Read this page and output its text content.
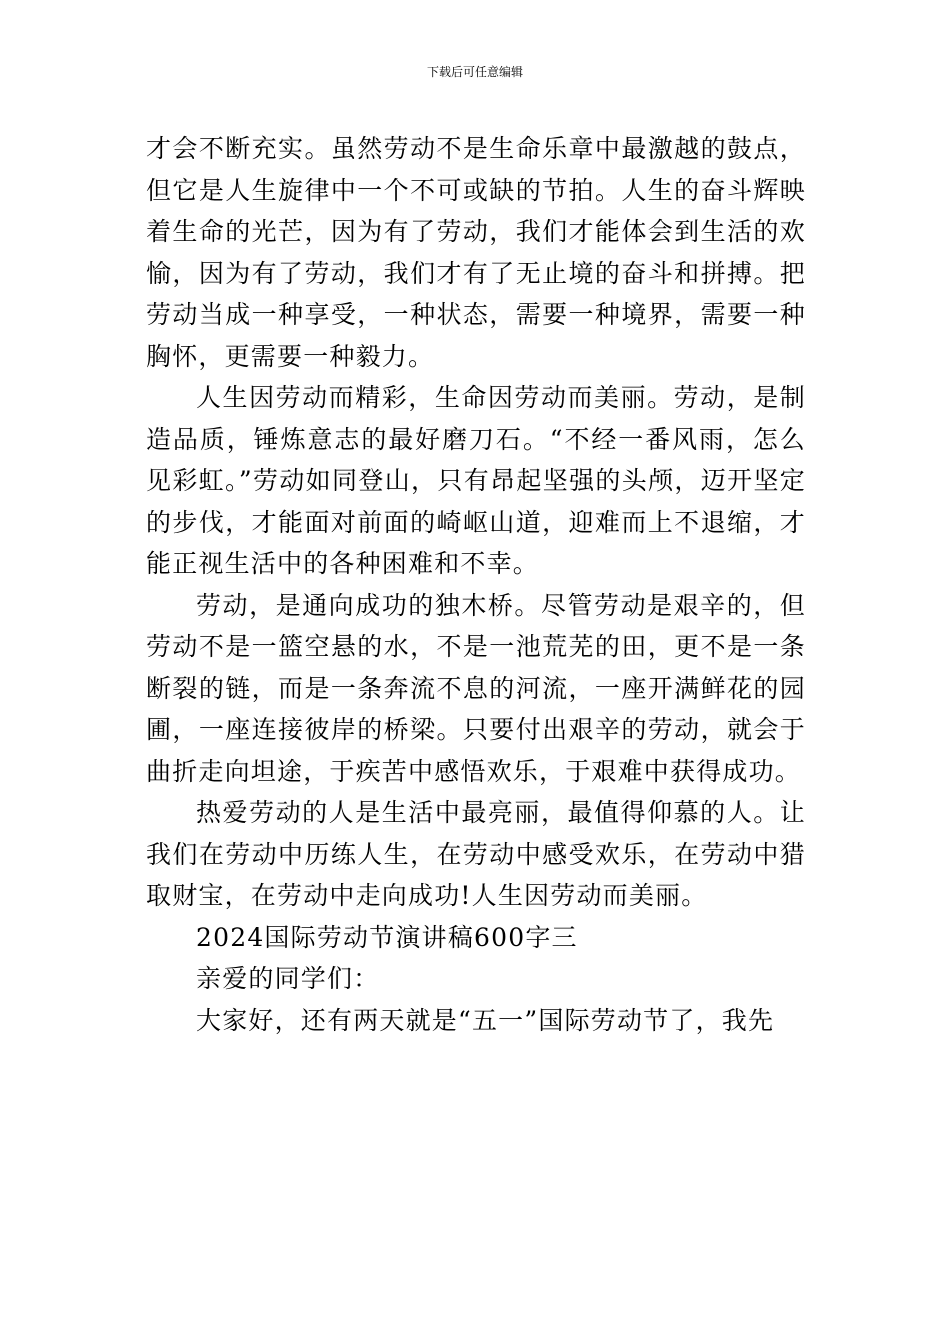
下载后可任意编辑

才会不断充实。虽然劳动不是生命乐章中最激越的鼓点，但它是人生旋律中一个不可或缺的节拍。人生的奋斗辉映着生命的光芒，因为有了劳动，我们才能体会到生活的欢愉，因为有了劳动，我们才有了无止境的奋斗和拼搏。把劳动当成一种享受，一种状态，需要一种境界，需要一种胸怀，更需要一种毅力。

人生因劳动而精彩，生命因劳动而美丽。劳动，是制造品质，锤炼意志的最好磨刀石。“不经一番风雨，怎么见彩虹。”劳动如同登山，只有昂起坚强的头颅，迈开坚定的步伐，才能面对前面的崎岖山道，迎难而上不退缩，才能正视生活中的各种困难和不幸。

劳动，是通向成功的独木桥。尽管劳动是艰辛的，但劳动不是一篮空悬的水，不是一池荒芜的田，更不是一条断裂的链，而是一条奔流不息的河流，一座开满鲜花的园圃，一座连接彼岸的桥梁。只要付出艰辛的劳动，就会于曲折走向坦途，于疾苦中感悟欢乐，于艰难中获得成功。

热爱劳动的人是生活中最亮丽，最值得仰慕的人。让我们在劳动中历练人生，在劳动中感受欢乐，在劳动中猎取财宝，在劳动中走向成功!人生因劳动而美丽。

2024国际劳动节演讲稿600字三

亲爱的同学们：

大家好，还有两天就是“五一”国际劳动节了，我先
